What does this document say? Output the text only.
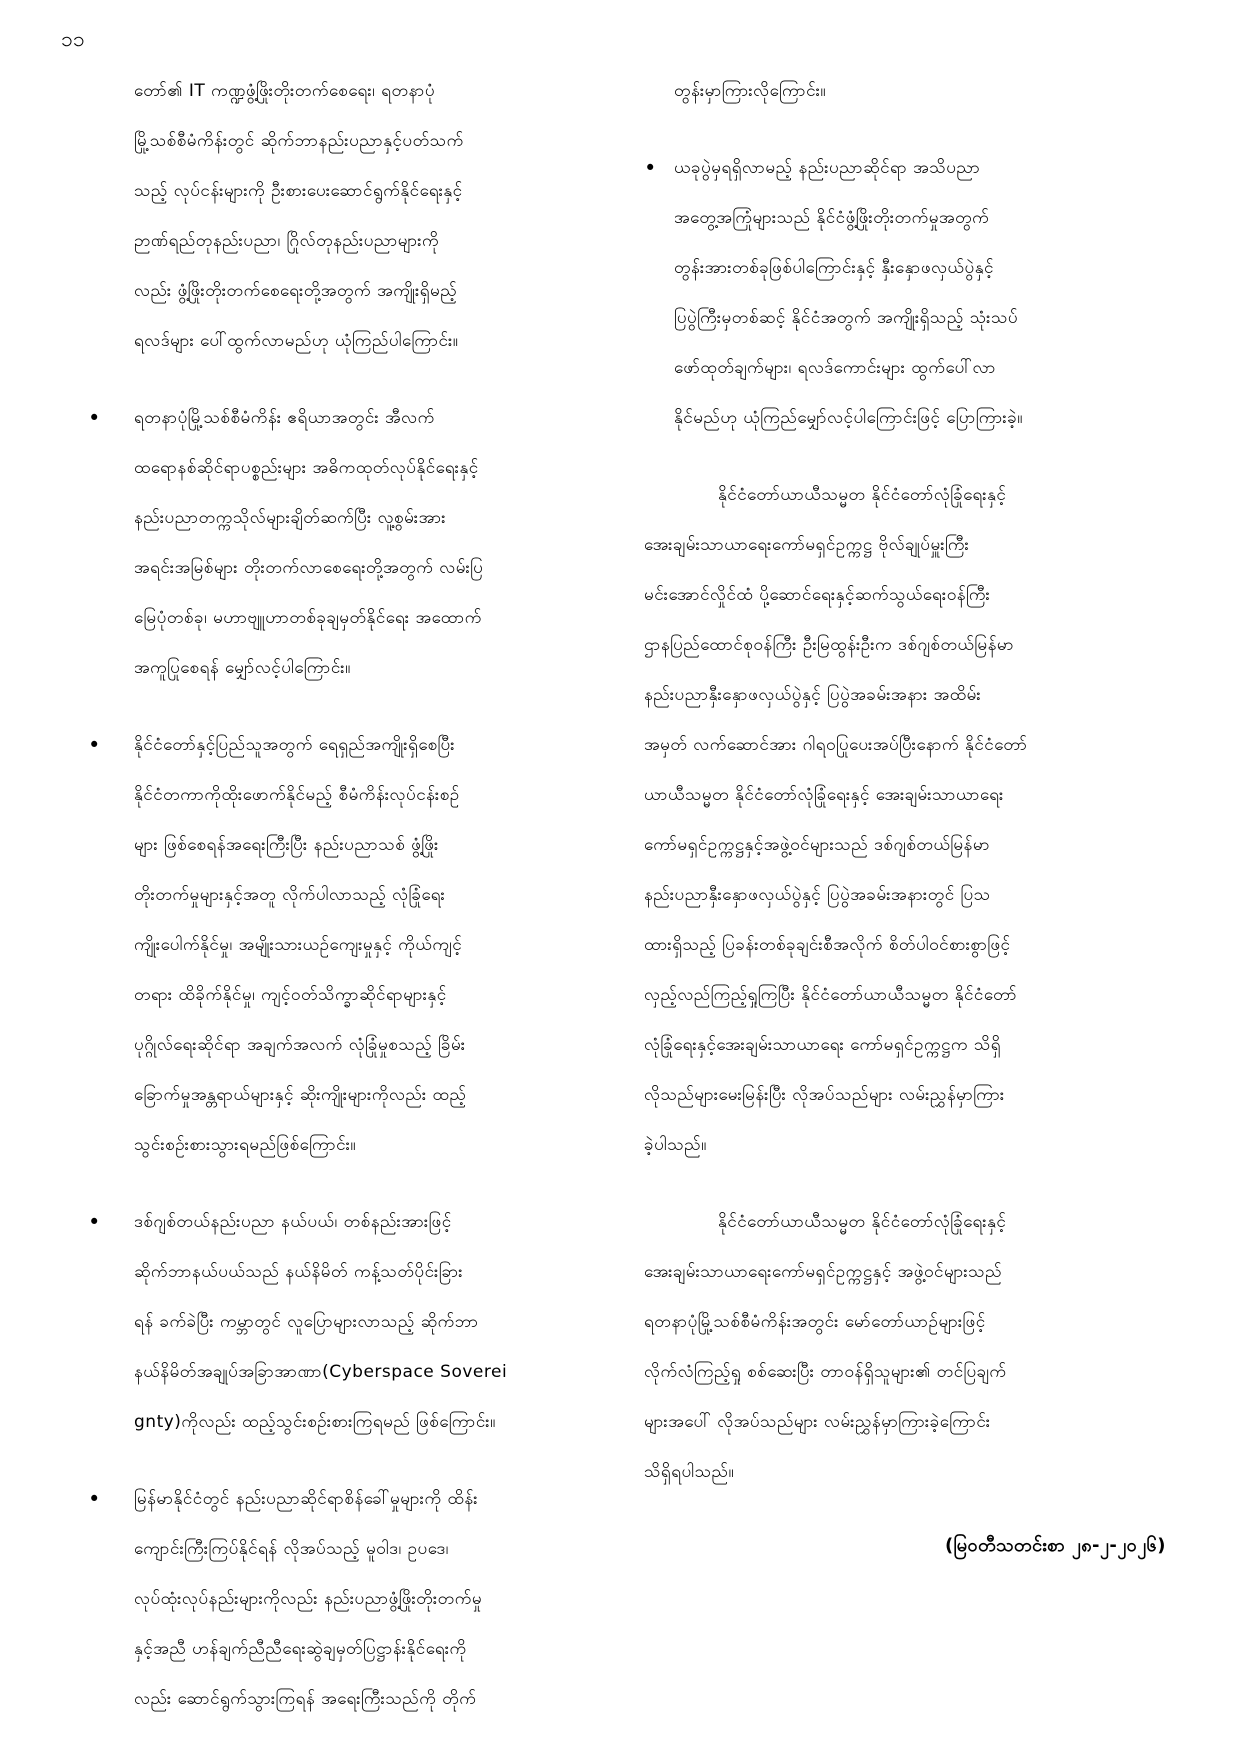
၁၁
တော်၏ IT ကဏ္ဍဖွံ့ဖြိုးတိုးတက်စေရေး၊ ရတနာပုံ
မြို့သစ်စီမံကိန်းတွင် ဆိုက်ဘာနည်းပညာနှင့်ပတ်သက်
သည့် လုပ်ငန်းများကို ဦးစားပေးဆောင်ရွက်နိုင်ရေးနှင့်
ဉာဏ်ရည်တုနည်းပညာ၊ ဂြိုလ်တုနည်းပညာများကို
လည်း ဖွံ့ဖြိုးတိုးတက်စေရေးတို့အတွက် အကျိုးရှိမည့်
ရလဒ်များ ပေါ်ထွက်လာမည်ဟု ယုံကြည်ပါကြောင်း။
•	ရတနာပုံမြို့သစ်စီမံကိန်း ဧရိယာအတွင်း အီလက်
ထရောနစ်ဆိုင်ရာပစ္စည်းများ အဓိကထုတ်လုပ်နိုင်ရေးနှင့်
နည်းပညာတက္ကသိုလ်များချိတ်ဆက်ပြီး လူ့စွမ်းအား
အရင်းအမြစ်များ တိုးတက်လာစေရေးတို့အတွက် လမ်းပြ
မြေပုံတစ်ခု၊ မဟာဗျူဟာတစ်ခုချမှတ်နိုင်ရေး အထောက်
အကူပြုစေရန် မျှော်လင့်ပါကြောင်း။
•	နိုင်ငံတော်နှင့်ပြည်သူအတွက် ရေရှည်အကျိုးရှိစေပြီး
နိုင်ငံတကာကိုထိုးဖောက်နိုင်မည့် စီမံကိန်းလုပ်ငန်းစဉ်
များ ဖြစ်စေရန်အရေးကြီးပြီး နည်းပညာသစ် ဖွံ့ဖြိုး
တိုးတက်မှုများနှင့်အတူ လိုက်ပါလာသည့် လုံခြုံရေး
ကျိုးပေါက်နိုင်မှု၊ အမျိုးသားယဉ်ကျေးမှုနှင့် ကိုယ်ကျင့်
တရား ထိခိုက်နိုင်မှု၊ ကျင့်ဝတ်သိက္ခာဆိုင်ရာများနှင့်
ပုဂ္ဂိုလ်ရေးဆိုင်ရာ အချက်အလက် လုံခြုံမှုစသည့် ခြိမ်း
ခြောက်မှုအန္တရာယ်များနှင့် ဆိုးကျိုးများကိုလည်း ထည့်
သွင်းစဉ်းစားသွားရမည်ဖြစ်ကြောင်း။
•	ဒစ်ဂျစ်တယ်နည်းပညာ နယ်ပယ်၊ တစ်နည်းအားဖြင့်
ဆိုက်ဘာနယ်ပယ်သည် နယ်နိမိတ် ကန့်သတ်ပိုင်းခြား
ရန် ခက်ခဲပြီး ကမ္ဘာတွင် လူပြောများလာသည့် ဆိုက်ဘာ
နယ်နိမိတ်အချုပ်အခြာအာဏာ(Cyberspace Soverei
gnty)ကိုလည်း ထည့်သွင်းစဉ်းစားကြရမည် ဖြစ်ကြောင်း။
•	မြန်မာနိုင်ငံတွင် နည်းပညာဆိုင်ရာစိန်ခေါ်မှုများကို ထိန်း
ကျောင်းကြီးကြပ်နိုင်ရန် လိုအပ်သည့် မူဝါဒ၊ ဥပဒေ၊
လုပ်ထုံးလုပ်နည်းများကိုလည်း နည်းပညာဖွံ့ဖြိုးတိုးတက်မှု
နှင့်အညီ ဟန်ချက်ညီညီရေးဆွဲချမှတ်ပြဋ္ဌာန်းနိုင်ရေးကို
လည်း ဆောင်ရွက်သွားကြရန် အရေးကြီးသည်ကို တိုက်
တွန်းမှာကြားလိုကြောင်း။
•	ယခုပွဲမှရရှိလာမည့် နည်းပညာဆိုင်ရာ အသိပညာ
အတွေ့အကြုံများသည် နိုင်ငံဖွံ့ဖြိုးတိုးတက်မှုအတွက်
တွန်းအားတစ်ခုဖြစ်ပါကြောင်းနှင့် နှီးနှောဖလှယ်ပွဲနှင့်
ပြပွဲကြီးမှတစ်ဆင့် နိုင်ငံအတွက် အကျိုးရှိသည့် သုံးသပ်
ဖော်ထုတ်ချက်များ၊ ရလဒ်ကောင်းများ ထွက်ပေါ်လာ
နိုင်မည်ဟု ယုံကြည်မျှော်လင့်ပါကြောင်းဖြင့် ပြောကြားခဲ့။
နိုင်ငံတော်ယာယီသမ္မတ နိုင်ငံတော်လုံခြုံရေးနှင့်
အေးချမ်းသာယာရေးကော်မရှင်ဥက္ကဋ္ဌ ဗိုလ်ချုပ်မှူးကြီး
မင်းအောင်လှိုင်ထံ ပို့ဆောင်ရေးနှင့်ဆက်သွယ်ရေးဝန်ကြီး
ဌာနပြည်ထောင်စုဝန်ကြီး ဦးမြထွန်းဦးက ဒစ်ဂျစ်တယ်မြန်မာ
နည်းပညာနှီးနှောဖလှယ်ပွဲနှင့် ပြပွဲအခမ်းအနား အထိမ်း
အမှတ် လက်ဆောင်အား ဂါရဝပြုပေးအပ်ပြီးနောက် နိုင်ငံတော်
ယာယီသမ္မတ နိုင်ငံတော်လုံခြုံရေးနှင့် အေးချမ်းသာယာရေး
ကော်မရှင်ဥက္ကဋ္ဌနှင့်အဖွဲ့ဝင်များသည် ဒစ်ဂျစ်တယ်မြန်မာ
နည်းပညာနှီးနှောဖလှယ်ပွဲနှင့် ပြပွဲအခမ်းအနားတွင် ပြသ
ထားရှိသည့် ပြခန်းတစ်ခုချင်းစီအလိုက် စိတ်ပါဝင်စားစွာဖြင့်
လှည့်လည်ကြည့်ရှုကြပြီး နိုင်ငံတော်ယာယီသမ္မတ နိုင်ငံတော်
လုံခြုံရေးနှင့်အေးချမ်းသာယာရေး ကော်မရှင်ဥက္ကဋ္ဌက သိရှိ
လိုသည်များမေးမြန်းပြီး လိုအပ်သည်များ လမ်းညွှန်မှာကြား
ခဲ့ပါသည်။
နိုင်ငံတော်ယာယီသမ္မတ နိုင်ငံတော်လုံခြုံရေးနှင့်
အေးချမ်းသာယာရေးကော်မရှင်ဥက္ကဋ္ဌနှင့် အဖွဲ့ဝင်များသည်
ရတနာပုံမြို့သစ်စီမံကိန်းအတွင်း မော်တော်ယာဉ်များဖြင့်
လိုက်လံကြည့်ရှု စစ်ဆေးပြီး တာဝန်ရှိသူများ၏ တင်ပြချက်
များအပေါ် လိုအပ်သည်များ လမ်းညွှန်မှာကြားခဲ့ကြောင်း
သိရှိရပါသည်။
(မြဝတီသတင်းစာ ၂၈-၂-၂၀၂၆)
